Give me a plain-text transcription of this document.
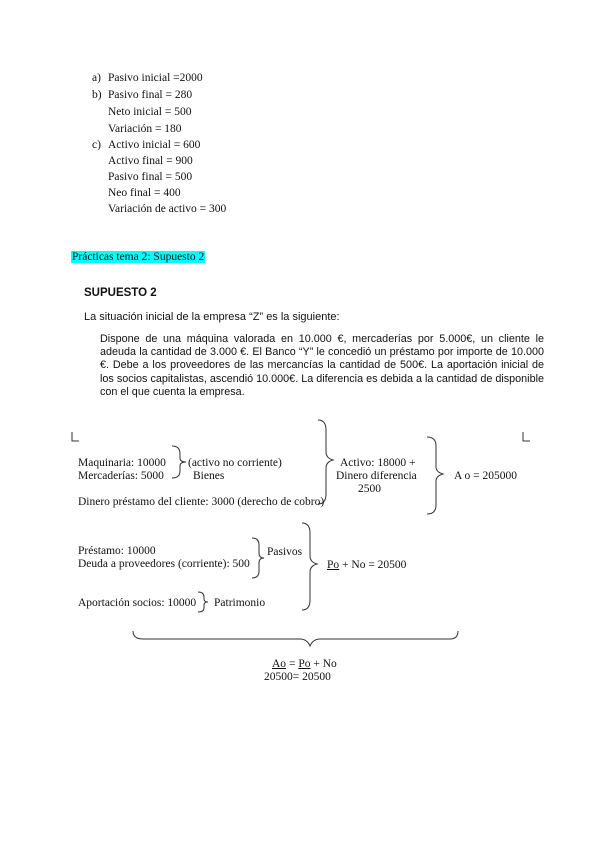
a) Pasivo inicial =2000
b) Pasivo final = 280
Neto inicial = 500
Variación = 180
c) Activo inicial = 600
Activo final = 900
Pasivo final = 500
Neo final = 400
Variación de activo = 300
Prácticas tema 2: Supuesto 2
SUPUESTO 2
La situación inicial de la empresa “Z” es la siguiente:
Dispone de una máquina valorada en 10.000 €, mercaderías por 5.000€, un cliente le adeuda la cantidad de 3.000 €. El Banco “Y” le concedió un préstamo por importe de 10.000 €. Debe a los proveedores de las mercancías la cantidad de 500€. La aportación inicial de los socios capitalistas, ascendió 10.000€. La diferencia es debida a la cantidad de disponible con el que cuenta la empresa.
Maquinaria: 10000
Mercaderías: 5000
(activo no corriente)
Bienes
Dinero préstamo del cliente: 3000 (derecho de cobro)
Activo: 18000 +
Dinero diferencia
2500
A o = 205000
Préstamo: 10000
Deuda a proveedores (corriente): 500
Pasivos
Po + No = 20500
Aportación socios: 10000 Patrimonio
Ao = Po + No
20500= 20500
